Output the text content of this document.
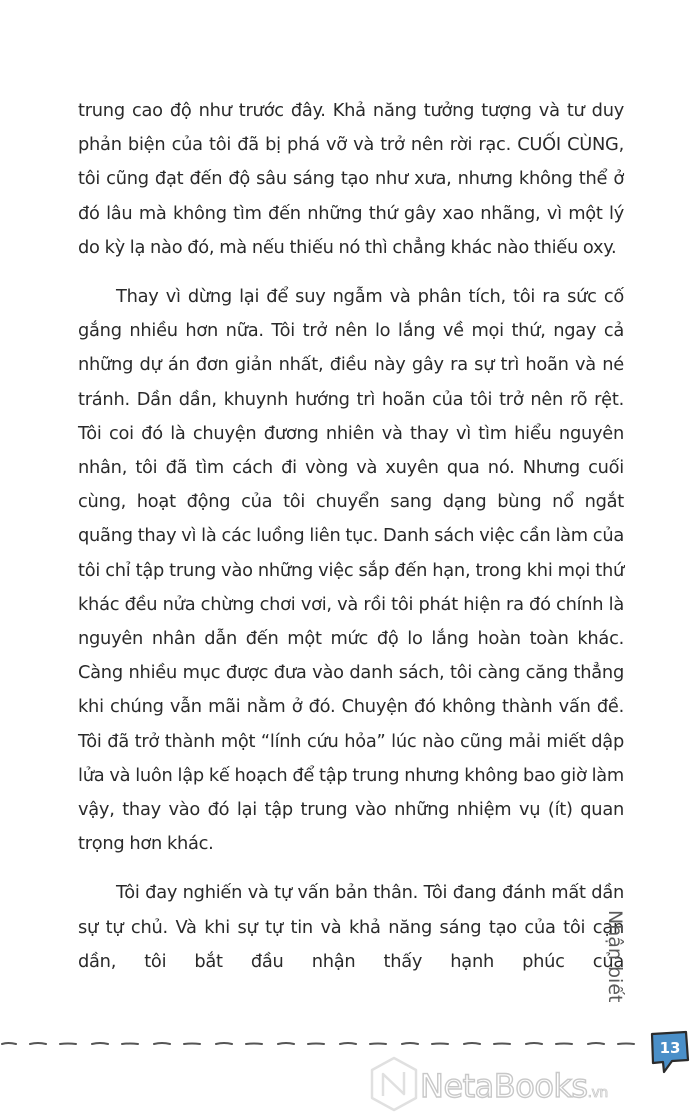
trung cao độ như trước đây. Khả năng tưởng tượng và tư duy phản biện của tôi đã bị phá vỡ và trở nên rời rạc. CUỐI CÙNG, tôi cũng đạt đến độ sâu sáng tạo như xưa, nhưng không thể ở đó lâu mà không tìm đến những thứ gây xao nhãng, vì một lý do kỳ lạ nào đó, mà nếu thiếu nó thì chẳng khác nào thiếu oxy.

Thay vì dừng lại để suy ngẫm và phân tích, tôi ra sức cố gắng nhiều hơn nữa. Tôi trở nên lo lắng về mọi thứ, ngay cả những dự án đơn giản nhất, điều này gây ra sự trì hoãn và né tránh. Dần dần, khuynh hướng trì hoãn của tôi trở nên rõ rệt. Tôi coi đó là chuyện đương nhiên và thay vì tìm hiểu nguyên nhân, tôi đã tìm cách đi vòng và xuyên qua nó. Nhưng cuối cùng, hoạt động của tôi chuyển sang dạng bùng nổ ngắt quãng thay vì là các luồng liên tục. Danh sách việc cần làm của tôi chỉ tập trung vào những việc sắp đến hạn, trong khi mọi thứ khác đều nửa chừng chơi vơi, và rồi tôi phát hiện ra đó chính là nguyên nhân dẫn đến một mức độ lo lắng hoàn toàn khác. Càng nhiều mục được đưa vào danh sách, tôi càng căng thẳng khi chúng vẫn mãi nằm ở đó. Chuyện đó không thành vấn đề. Tôi đã trở thành một “lính cứu hỏa” lúc nào cũng mải miết dập lửa và luôn lập kế hoạch để tập trung nhưng không bao giờ làm vậy, thay vào đó lại tập trung vào những nhiệm vụ (ít) quan trọng hơn khác.

Tôi đay nghiến và tự vấn bản thân. Tôi đang đánh mất dần sự tự chủ. Và khi sự tự tin và khả năng sáng tạo của tôi cạn dần, tôi bắt đầu nhận thấy hạnh phúc của

Nhận biết
13
NetaBooks.vn
